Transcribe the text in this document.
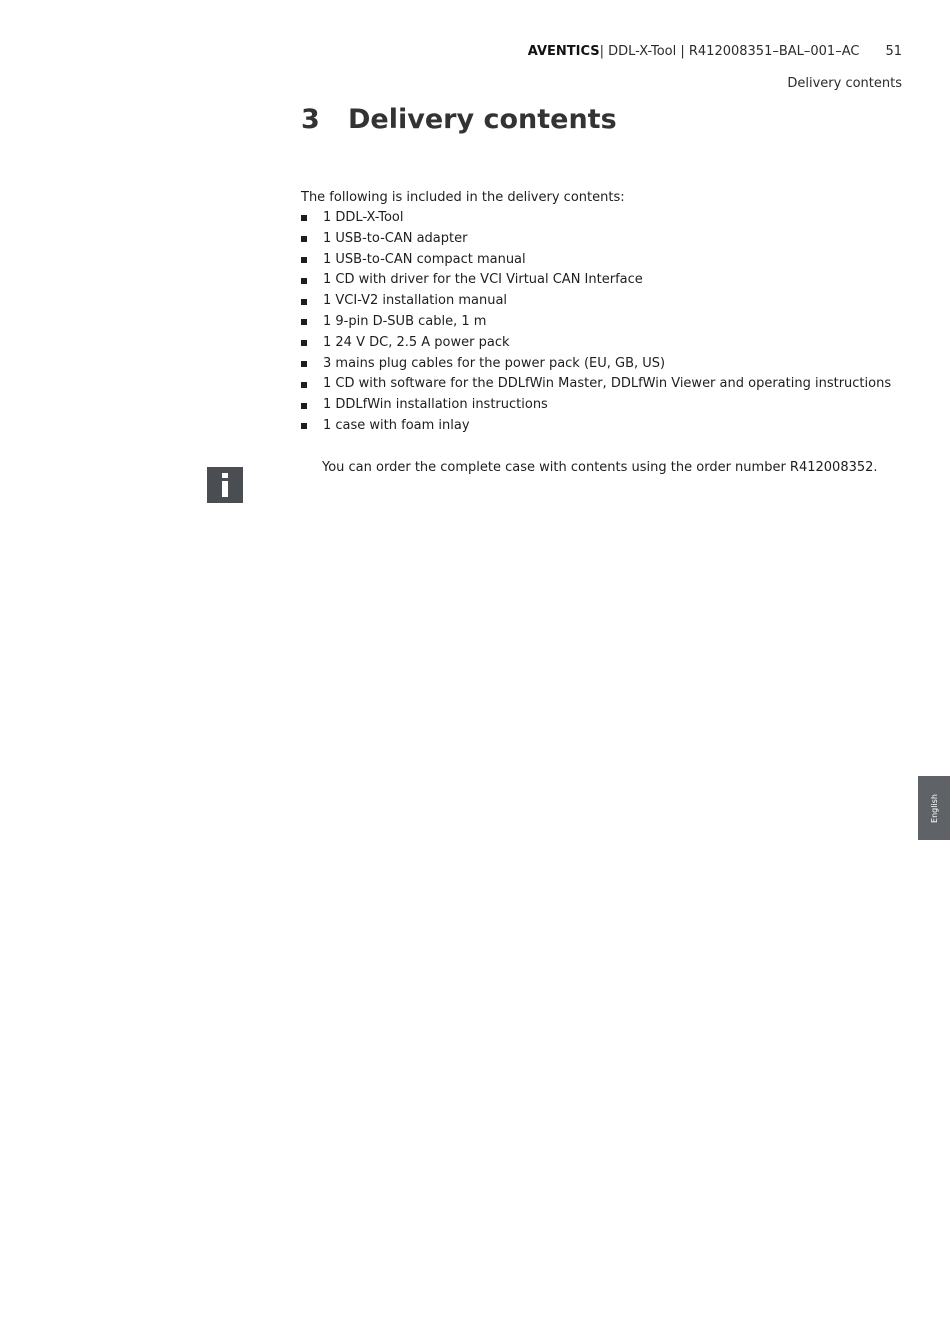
AVENTICS | DDL-X-Tool | R412008351–BAL–001–AC 51
Delivery contents
3	Delivery contents
The following is included in the delivery contents:
1 DDL-X-Tool
1 USB-to-CAN adapter
1 USB-to-CAN compact manual
1 CD with driver for the VCI Virtual CAN Interface
1 VCI-V2 installation manual
1 9-pin D-SUB cable, 1 m
1 24 V DC, 2.5 A power pack
3 mains plug cables for the power pack (EU, GB, US)
1 CD with software for the DDLfWin Master, DDLfWin Viewer and operating instructions
1 DDLfWin installation instructions
1 case with foam inlay
You can order the complete case with contents using the order number R412008352.
English
